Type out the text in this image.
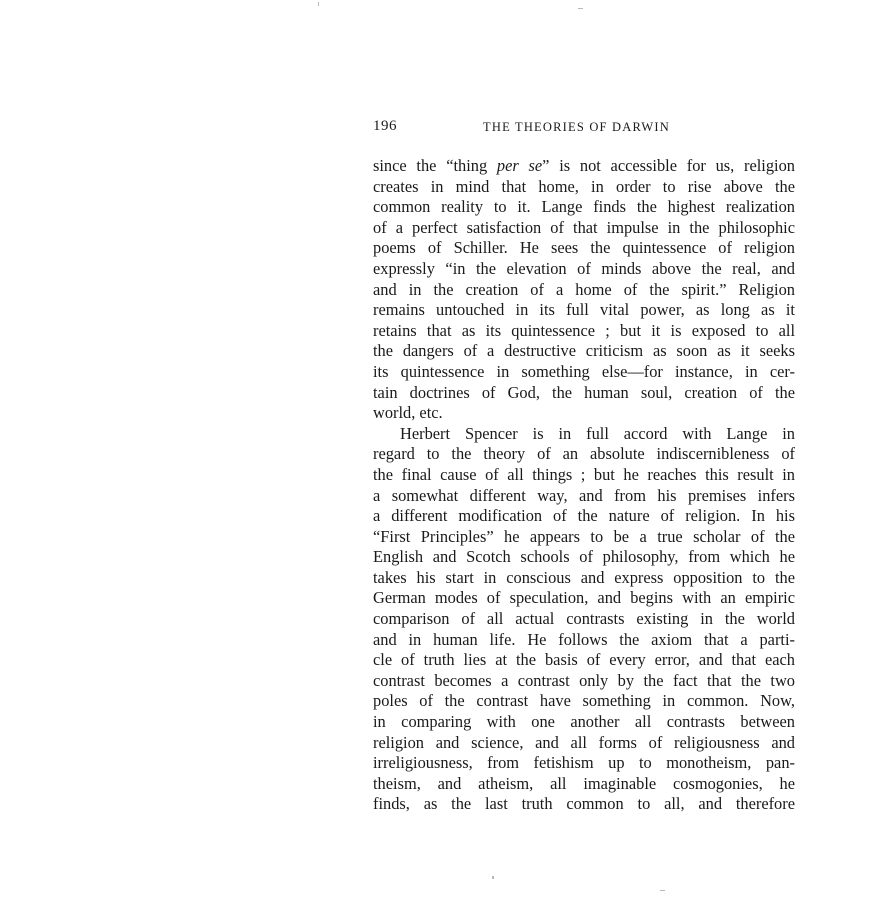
196	THE THEORIES OF DARWIN
since the “thing per se” is not accessible for us, religion
creates in mind that home, in order to rise above the
common reality to it. Lange finds the highest realization
of a perfect satisfaction of that impulse in the philosophic
poems of Schiller. He sees the quintessence of religion
expressly “in the elevation of minds above the real, and
and in the creation of a home of the spirit.” Religion
remains untouched in its full vital power, as long as it
retains that as its quintessence ; but it is exposed to all
the dangers of a destructive criticism as soon as it seeks
its quintessence in something else—for instance, in cer-
tain doctrines of God, the human soul, creation of the
world, etc.
Herbert Spencer is in full accord with Lange in
regard to the theory of an absolute indiscernibleness of
the final cause of all things ; but he reaches this result in
a somewhat different way, and from his premises infers
a different modification of the nature of religion. In his
“First Principles” he appears to be a true scholar of the
English and Scotch schools of philosophy, from which he
takes his start in conscious and express opposition to the
German modes of speculation, and begins with an empiric
comparison of all actual contrasts existing in the world
and in human life. He follows the axiom that a parti-
cle of truth lies at the basis of every error, and that each
contrast becomes a contrast only by the fact that the two
poles of the contrast have something in common. Now,
in comparing with one another all contrasts between
religion and science, and all forms of religiousness and
irreligiousness, from fetishism up to monotheism, pan-
theism, and atheism, all imaginable cosmogonies, he
finds, as the last truth common to all, and therefore
